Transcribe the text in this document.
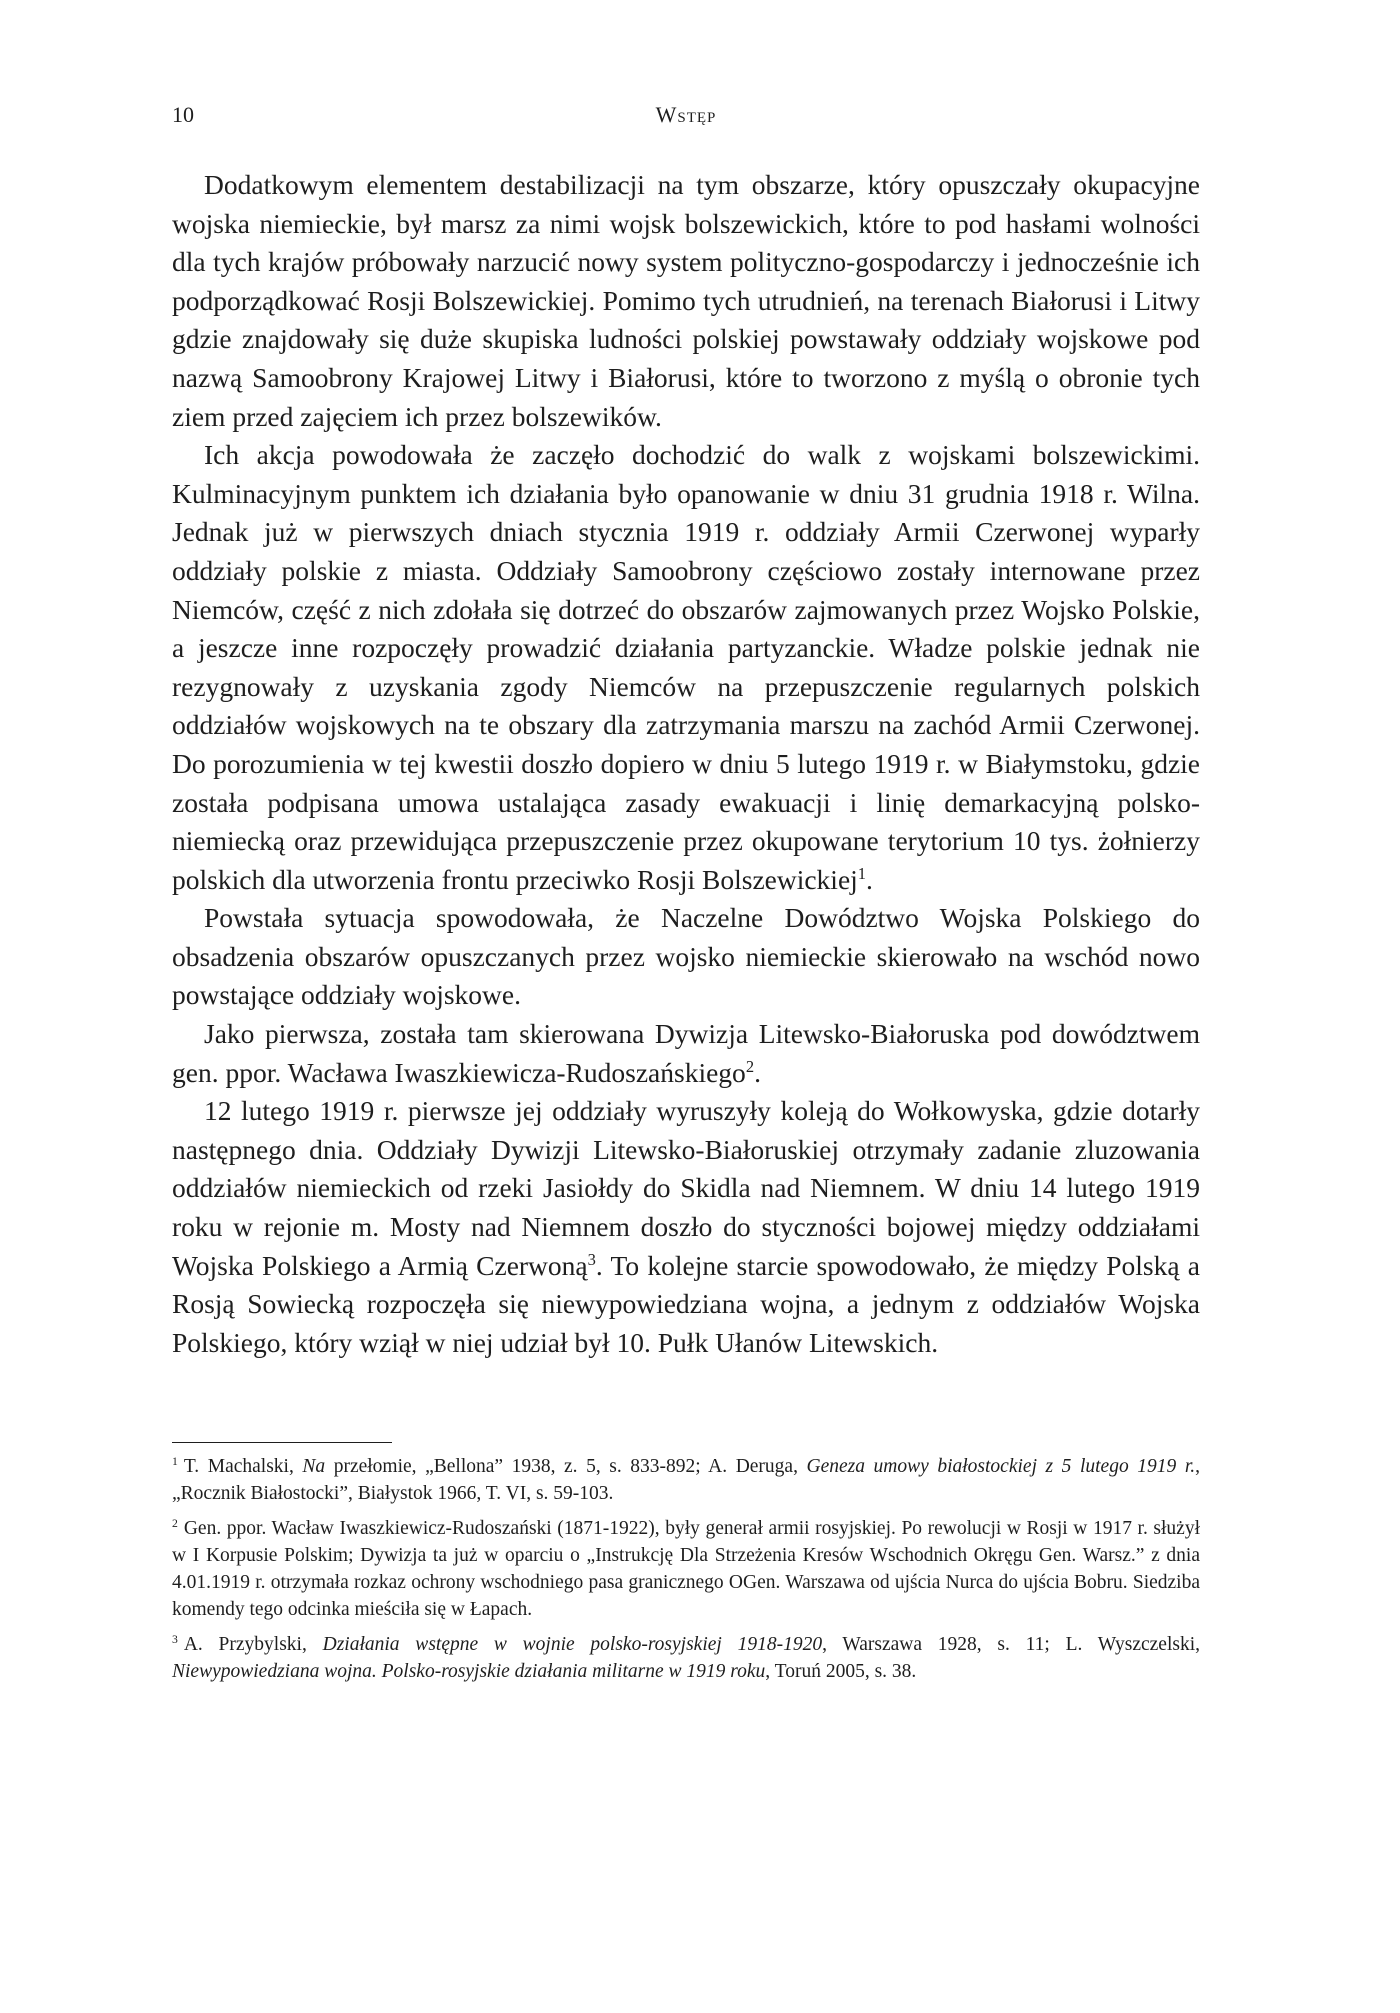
10	Wstęp

Dodatkowym elementem destabilizacji na tym obszarze, który opuszczały okupacyjne wojska niemieckie, był marsz za nimi wojsk bolszewickich, które to pod hasłami wolności dla tych krajów próbowały narzucić nowy system polityczno-gospodarczy i jednocześnie ich podporządkować Rosji Bolszewickiej. Pomimo tych utrudnień, na terenach Białorusi i Litwy gdzie znajdowały się duże skupiska ludności polskiej powstawały oddziały wojskowe pod nazwą Samoobrony Krajowej Litwy i Białorusi, które to tworzono z myślą o obronie tych ziem przed zajęciem ich przez bolszewików.

Ich akcja powodowała że zaczęło dochodzić do walk z wojskami bolszewickimi. Kulminacyjnym punktem ich działania było opanowanie w dniu 31 grudnia 1918 r. Wilna. Jednak już w pierwszych dniach stycznia 1919 r. oddziały Armii Czerwonej wyparły oddziały polskie z miasta. Oddziały Samoobrony częściowo zostały internowane przez Niemców, część z nich zdołała się dotrzeć do obszarów zajmowanych przez Wojsko Polskie, a jeszcze inne rozpoczęły prowadzić działania partyzanckie. Władze polskie jednak nie rezygnowały z uzyskania zgody Niemców na przepuszczenie regularnych polskich oddziałów wojskowych na te obszary dla zatrzymania marszu na zachód Armii Czerwonej. Do porozumienia w tej kwestii doszło dopiero w dniu 5 lutego 1919 r. w Białymstoku, gdzie została podpisana umowa ustalająca zasady ewakuacji i linię demarkacyjną polsko-niemiecką oraz przewidująca przepuszczenie przez okupowane terytorium 10 tys. żołnierzy polskich dla utworzenia frontu przeciwko Rosji Bolszewickiej$^1$.

Powstała sytuacja spowodowała, że Naczelne Dowództwo Wojska Polskiego do obsadzenia obszarów opuszczanych przez wojsko niemieckie skierowało na wschód nowo powstające oddziały wojskowe.

Jako pierwsza, została tam skierowana Dywizja Litewsko-Białoruska pod dowództwem gen. ppor. Wacława Iwaszkiewicza-Rudoszańskiego$^2$.

12 lutego 1919 r. pierwsze jej oddziały wyruszyły koleją do Wołkowyska, gdzie dotarły następnego dnia. Oddziały Dywizji Litewsko-Białoruskiej otrzymały zadanie zluzowania oddziałów niemieckich od rzeki Jasiołdy do Skidla nad Niemnem. W dniu 14 lutego 1919 roku w rejonie m. Mosty nad Niemnem doszło do styczności bojowej między oddziałami Wojska Polskiego a Armią Czerwoną$^3$. To kolejne starcie spowodowało, że między Polską a Rosją Sowiecką rozpoczęła się niewypowiedziana wojna, a jednym z oddziałów Wojska Polskiego, który wziął w niej udział był 10. Pułk Ułanów Litewskich.

$^1$ T. Machalski, Na przełomie, „Bellona” 1938, z. 5, s. 833-892; A. Deruga, Geneza umowy białostockiej z 5 lutego 1919 r., „Rocznik Białostocki”, Białystok 1966, T. VI, s. 59-103.

$^2$ Gen. ppor. Wacław Iwaszkiewicz-Rudoszański (1871-1922), były generał armii rosyjskiej. Po rewolucji w Rosji w 1917 r. służył w I Korpusie Polskim; Dywizja ta już w oparciu o „Instrukcję Dla Strzeżenia Kresów Wschodnich Okręgu Gen. Warsz.” z dnia 4.01.1919 r. otrzymała rozkaz ochrony wschodniego pasa granicznego OGen. Warszawa od ujścia Nurca do ujścia Bobru. Siedziba komendy tego odcinka mieściła się w Łapach.

$^3$ A. Przybylski, Działania wstępne w wojnie polsko-rosyjskiej 1918-1920, Warszawa 1928, s. 11; L. Wyszczelski, Niewypowiedziana wojna. Polsko-rosyjskie działania militarne w 1919 roku, Toruń 2005, s. 38.
